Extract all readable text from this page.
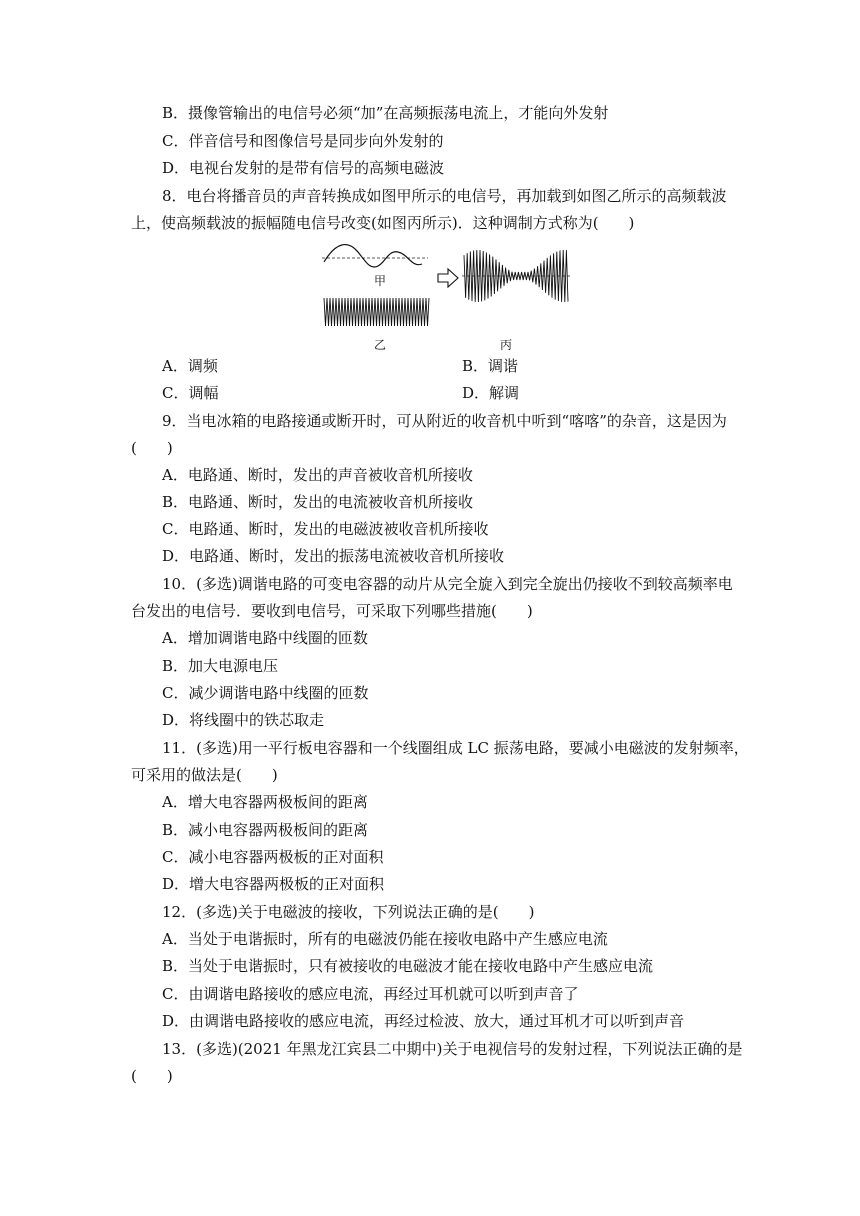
B．摄像管输出的电信号必须“加”在高频振荡电流上，才能向外发射
C．伴音信号和图像信号是同步向外发射的
D．电视台发射的是带有信号的高频电磁波
8．电台将播音员的声音转换成如图甲所示的电信号，再加载到如图乙所示的高频载波
上，使高频载波的振幅随电信号改变(如图丙所示)．这种调制方式称为(　　)
甲
乙	丙
A．调频	B．调谐
C．调幅	D．解调
9．当电冰箱的电路接通或断开时，可从附近的收音机中听到“喀喀”的杂音，这是因为
(　　)
A．电路通、断时，发出的声音被收音机所接收
B．电路通、断时，发出的电流被收音机所接收
C．电路通、断时，发出的电磁波被收音机所接收
D．电路通、断时，发出的振荡电流被收音机所接收
10．(多选)调谐电路的可变电容器的动片从完全旋入到完全旋出仍接收不到较高频率电
台发出的电信号．要收到电信号，可采取下列哪些措施(　　)
A．增加调谐电路中线圈的匝数
B．加大电源电压
C．减少调谐电路中线圈的匝数
D．将线圈中的铁芯取走
11．(多选)用一平行板电容器和一个线圈组成 LC 振荡电路，要减小电磁波的发射频率，
可采用的做法是(　　)
A．增大电容器两极板间的距离
B．减小电容器两极板间的距离
C．减小电容器两极板的正对面积
D．增大电容器两极板的正对面积
12．(多选)关于电磁波的接收，下列说法正确的是(　　)
A．当处于电谐振时，所有的电磁波仍能在接收电路中产生感应电流
B．当处于电谐振时，只有被接收的电磁波才能在接收电路中产生感应电流
C．由调谐电路接收的感应电流，再经过耳机就可以听到声音了
D．由调谐电路接收的感应电流，再经过检波、放大，通过耳机才可以听到声音
13．(多选)(2021 年黑龙江宾县二中期中)关于电视信号的发射过程，下列说法正确的是
(　　)
